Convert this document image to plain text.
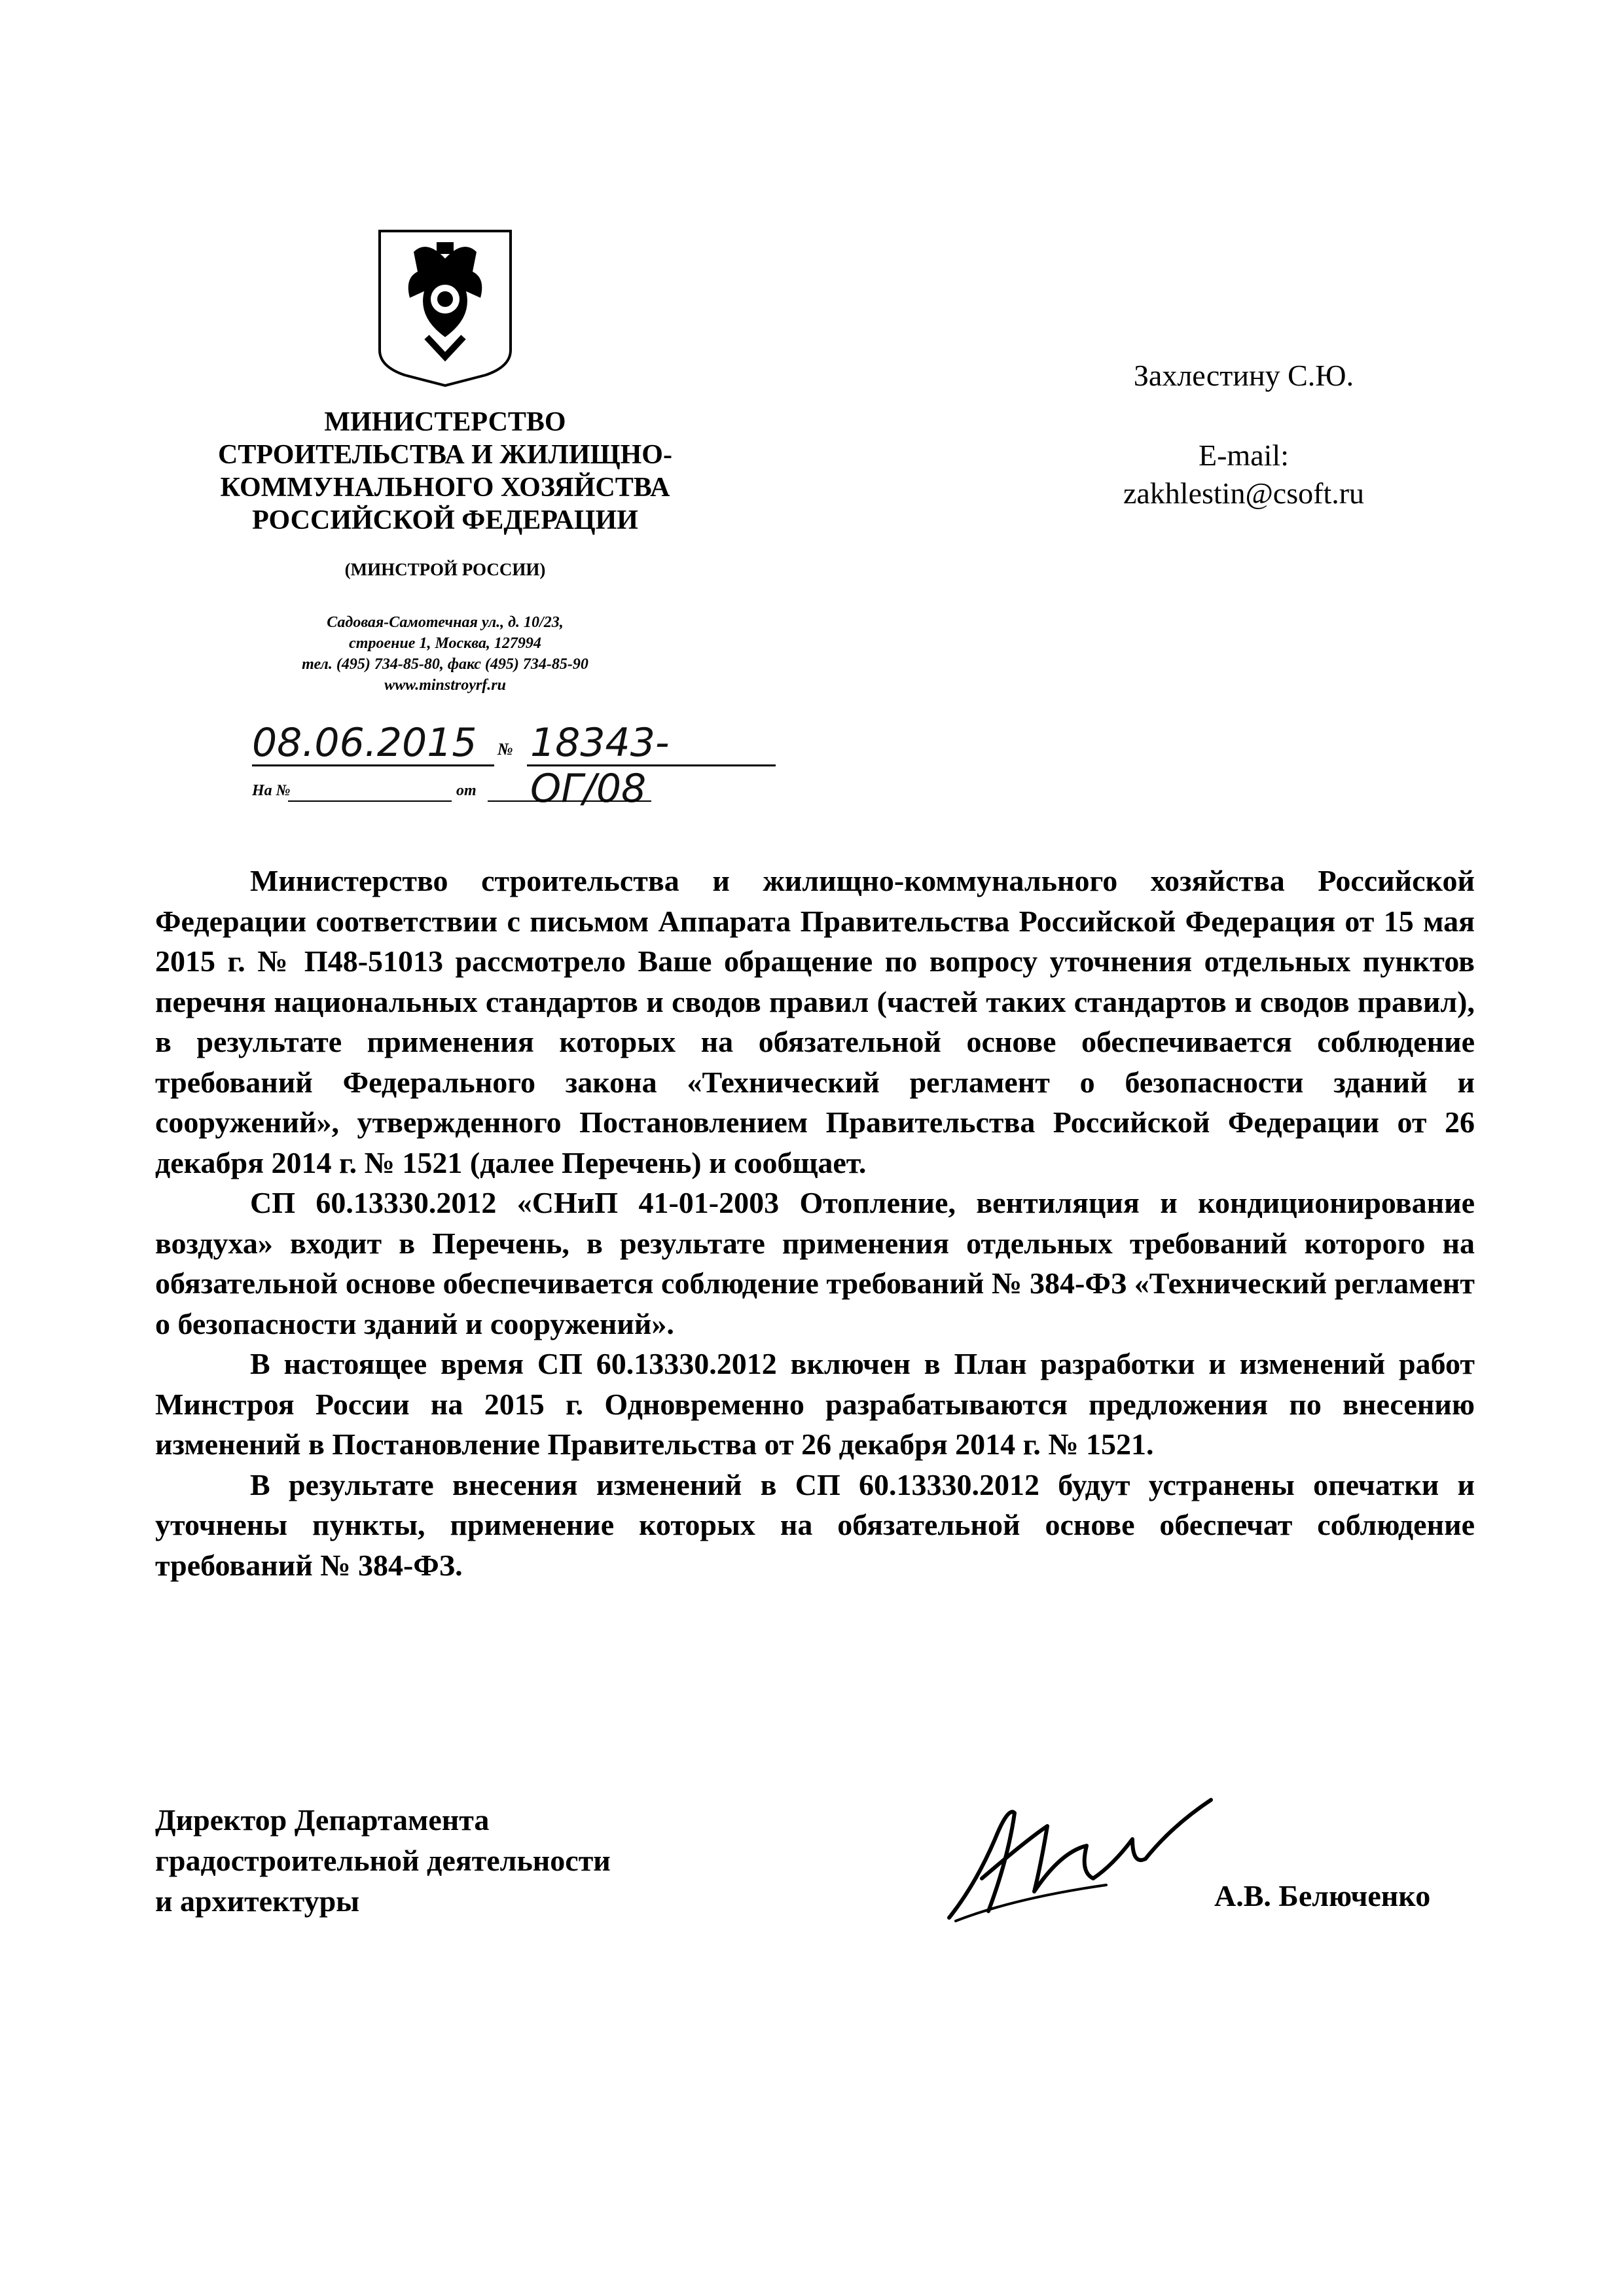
МИНИСТЕРСТВО
СТРОИТЕЛЬСТВА И ЖИЛИЩНО-
КОММУНАЛЬНОГО ХОЗЯЙСТВА
РОССИЙСКОЙ ФЕДЕРАЦИИ
(МИНСТРОЙ РОССИИ)
Садовая-Самотечная ул., д. 10/23,
строение 1, Москва, 127994
тел. (495) 734-85-80, факс (495) 734-85-90
www.minstroyrf.ru
08.06.2015 № 18343-ОГ/08
На №	от
Захлестину С.Ю.
E-mail:
zakhlestin@csoft.ru

Министерство строительства и жилищно-коммунального хозяйства Российской Федерации соответствии с письмом Аппарата Правительства Российской Федерация от 15 мая 2015 г. № П48-51013 рассмотрело Ваше обращение по вопросу уточнения отдельных пунктов перечня национальных стандартов и сводов правил (частей таких стандартов и сводов правил), в результате применения которых на обязательной основе обеспечивается соблюдение требований Федерального закона «Технический регламент о безопасности зданий и сооружений», утвержденного Постановлением Правительства Российской Федерации от 26 декабря 2014 г. № 1521 (далее Перечень) и сообщает.

СП 60.13330.2012 «СНиП 41-01-2003 Отопление, вентиляция и кондиционирование воздуха» входит в Перечень, в результате применения отдельных требований которого на обязательной основе обеспечивается соблюдение требований № 384-ФЗ «Технический регламент о безопасности зданий и сооружений».

В настоящее время СП 60.13330.2012 включен в План разработки и изменений работ Минстроя России на 2015 г. Одновременно разрабатываются предложения по внесению изменений в Постановление Правительства от 26 декабря 2014 г. № 1521.

В результате внесения изменений в СП 60.13330.2012 будут устранены опечатки и уточнены пункты, применение которых на обязательной основе обеспечат соблюдение требований № 384-ФЗ.

Директор Департамента
градостроительной деятельности
и архитектуры	А.В. Белюченко
